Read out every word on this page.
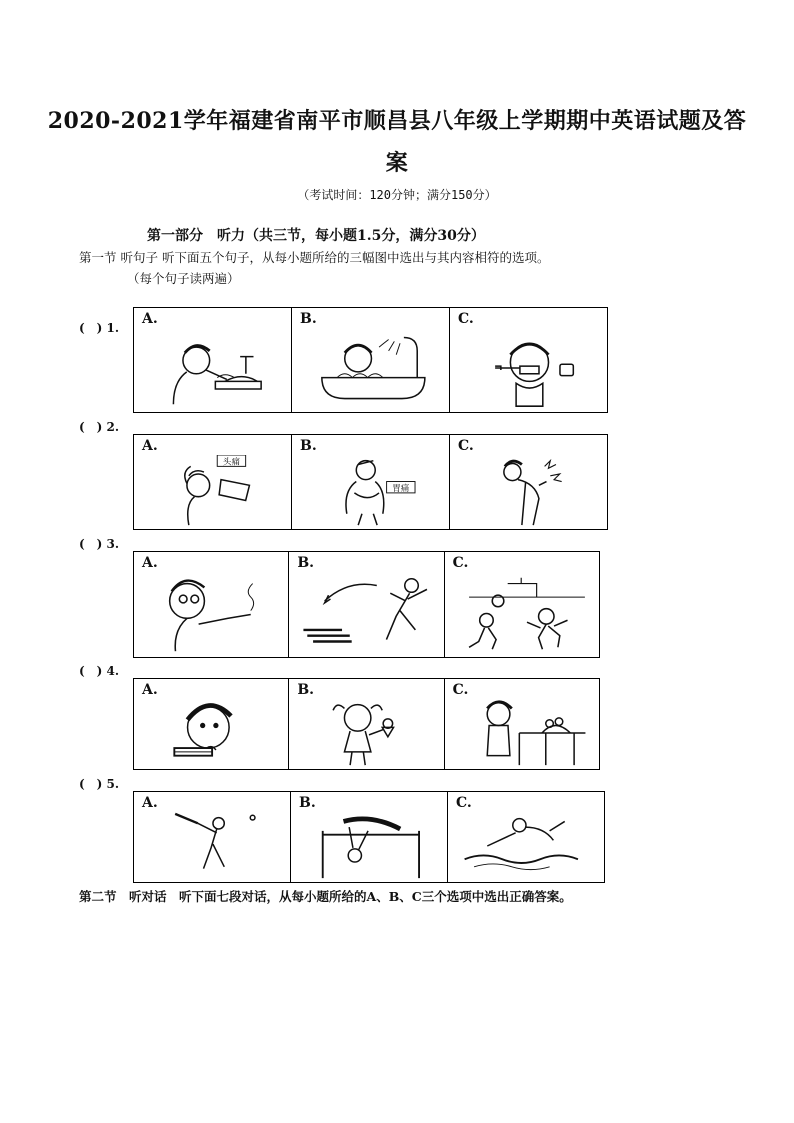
2020-2021学年福建省南平市顺昌县八年级上学期期中英语试题及答
案
（考试时间：120分钟；满分150分）
第一部分　听力（共三节，每小题1.5分，满分30分）
第一节 听句子 听下面五个句子，从每小题所给的三幅图中选出与其内容相符的选项。
（每个句子读两遍）
(　) 1.
A.	B.	C.
(　) 2.
A.
头痛
B.
胃痛
C.
(　) 3.
A.	B.	C.
(　) 4.
A.	B.	C.
(　) 5.
A.	B.	C.
第二节　听对话　听下面七段对话，从每小题所给的A、B、C三个选项中选出正确答案。
